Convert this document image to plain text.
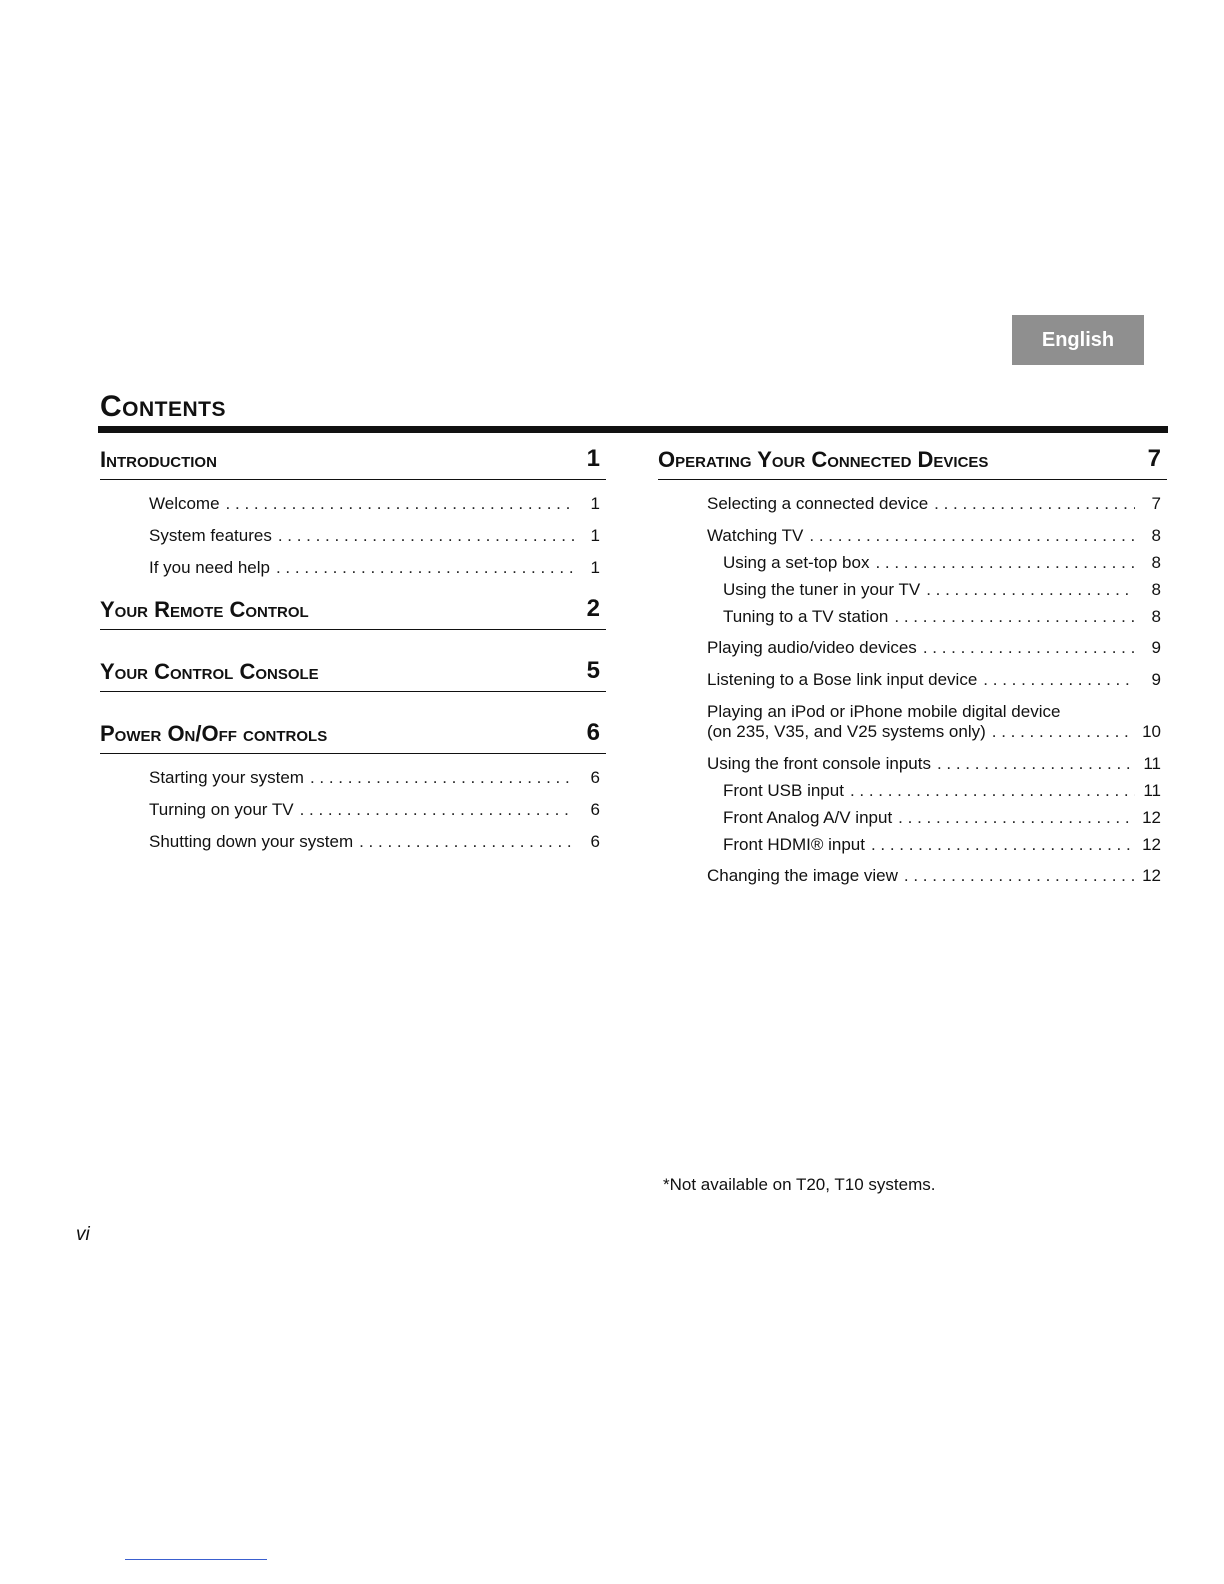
English
Contents
Introduction	1
Welcome . . .	1
System features . . .	1
If you need help . . .	1
Your Remote Control	2
Your Control Console	5
Power On/Off controls	6
Starting your system . . .	6
Turning on your TV . . .	6
Shutting down your system . . .	6
Operating Your Connected Devices	7
Selecting a connected device . . .	7
Watching TV . . .	8
Using a set-top box . . .	8
Using the tuner in your TV . . .	8
Tuning to a TV station . . .	8
Playing audio/video devices . . .	9
Listening to a Bose link input device . . .	9
Playing an iPod or iPhone mobile digital device
(on 235, V35, and V25 systems only) . . .	10
Using the front console inputs . . .	11
Front USB input . . .	11
Front Analog A/V input . . .	12
Front HDMI® input . . .	12
Changing the image view . . .	12
*Not available on T20, T10 systems.
vi
